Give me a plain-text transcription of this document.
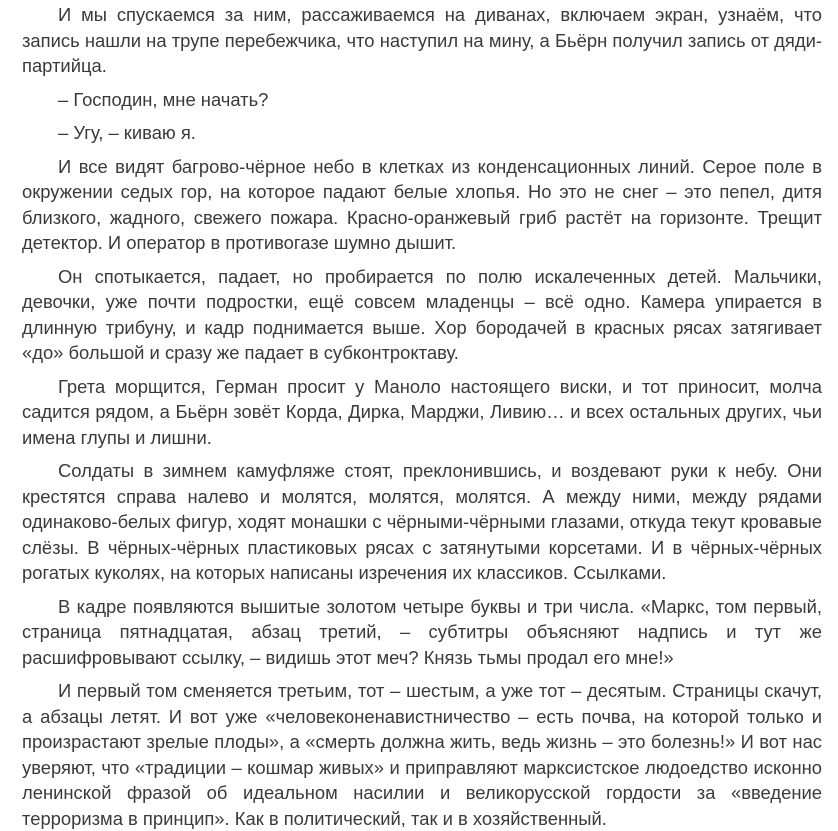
И мы спускаемся за ним, рассаживаемся на диванах, включаем экран, узнаём, что запись нашли на трупе перебежчика, что наступил на мину, а Бьёрн получил запись от дяди-партийца.

– Господин, мне начать?

– Угу, – киваю я.

И все видят багрово-чёрное небо в клетках из конденсационных линий. Серое поле в окружении седых гор, на которое падают белые хлопья. Но это не снег – это пепел, дитя близкого, жадного, свежего пожара. Красно-оранжевый гриб растёт на горизонте. Трещит детектор. И оператор в противогазе шумно дышит.

Он спотыкается, падает, но пробирается по полю искалеченных детей. Мальчики, девочки, уже почти подростки, ещё совсем младенцы – всё одно. Камера упирается в длинную трибуну, и кадр поднимается выше. Хор бородачей в красных рясах затягивает «до» большой и сразу же падает в субконтроктаву.

Грета морщится, Герман просит у Маноло настоящего виски, и тот приносит, молча садится рядом, а Бьёрн зовёт Корда, Дирка, Марджи, Ливию… и всех остальных других, чьи имена глупы и лишни.

Солдаты в зимнем камуфляже стоят, преклонившись, и воздевают руки к небу. Они крестятся справа налево и молятся, молятся, молятся. А между ними, между рядами одинаково-белых фигур, ходят монашки с чёрными-чёрными глазами, откуда текут кровавые слёзы. В чёрных-чёрных пластиковых рясах с затянутыми корсетами. И в чёрных-чёрных рогатых куколях, на которых написаны изречения их классиков. Ссылками.

В кадре появляются вышитые золотом четыре буквы и три числа. «Маркс, том первый, страница пятнадцатая, абзац третий, – субтитры объясняют надпись и тут же расшифровывают ссылку, – видишь этот меч? Князь тьмы продал его мне!»

И первый том сменяется третьим, тот – шестым, а уже тот – десятым. Страницы скачут, а абзацы летят. И вот уже «человеконенавистничество – есть почва, на которой только и произрастают зрелые плоды», а «смерть должна жить, ведь жизнь – это болезнь!» И вот нас уверяют, что «традиции – кошмар живых» и приправляют марксистское людоедство исконно ленинской фразой об идеальном насилии и великорусской гордости за «введение терроризма в принцип». Как в политический, так и в хозяйственный.
